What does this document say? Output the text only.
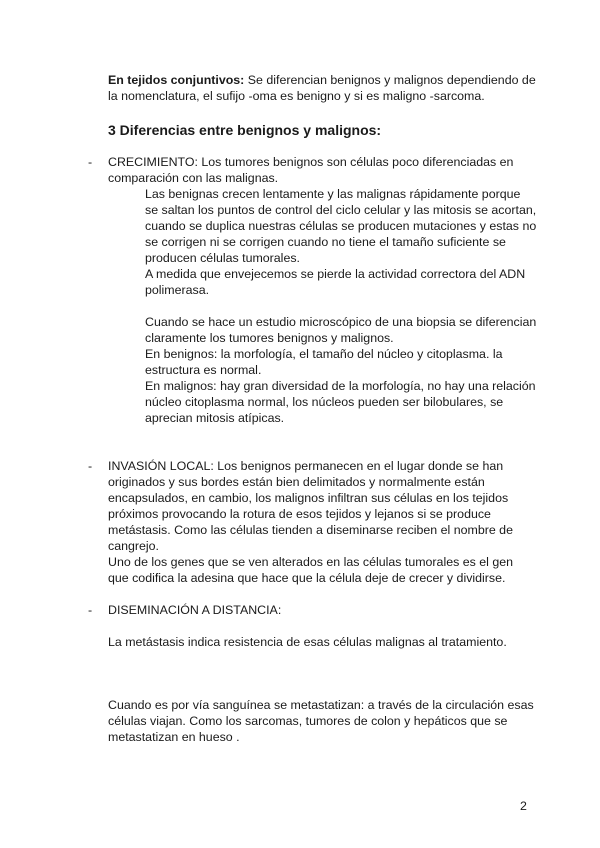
En tejidos conjuntivos: Se diferencian benignos y malignos dependiendo de
la nomenclatura, el sufijo -oma es benigno y si es maligno -sarcoma.

3 Diferencias entre benignos y malignos:
- CRECIMIENTO: Los tumores benignos son células poco diferenciadas en
comparación con las malignas.

Las benignas crecen lentamente y las malignas rápidamente porque
se saltan los puntos de control del ciclo celular y las mitosis se acortan,
cuando se duplica nuestras células se producen mutaciones y estas no
se corrigen ni se corrigen cuando no tiene el tamaño suficiente se
producen células tumorales.
A medida que envejecemos se pierde la actividad correctora del ADN
polimerasa.

Cuando se hace un estudio microscópico de una biopsia se diferencian
claramente los tumores benignos y malignos.
En benignos: la morfología, el tamaño del núcleo y citoplasma. la
estructura es normal.
En malignos: hay gran diversidad de la morfología, no hay una relación
núcleo citoplasma normal, los núcleos pueden ser bilobulares, se
aprecian mitosis atípicas.

- INVASIÓN LOCAL: Los benignos permanecen en el lugar donde se han
originados y sus bordes están bien delimitados y normalmente están
encapsulados, en cambio, los malignos infiltran sus células en los tejidos
próximos provocando la rotura de esos tejidos y lejanos si se produce
metástasis. Como las células tienden a diseminarse reciben el nombre de
cangrejo.
Uno de los genes que se ven alterados en las células tumorales es el gen
que codifica la adesina que hace que la célula deje de crecer y dividirse.

- DISEMINACIÓN A DISTANCIA:
La metástasis indica resistencia de esas células malignas al tratamiento.

Cuando es por vía sanguínea se metastatizan: a través de la circulación esas
células viajan. Como los sarcomas, tumores de colon y hepáticos que se
metastatizan en hueso .

2
